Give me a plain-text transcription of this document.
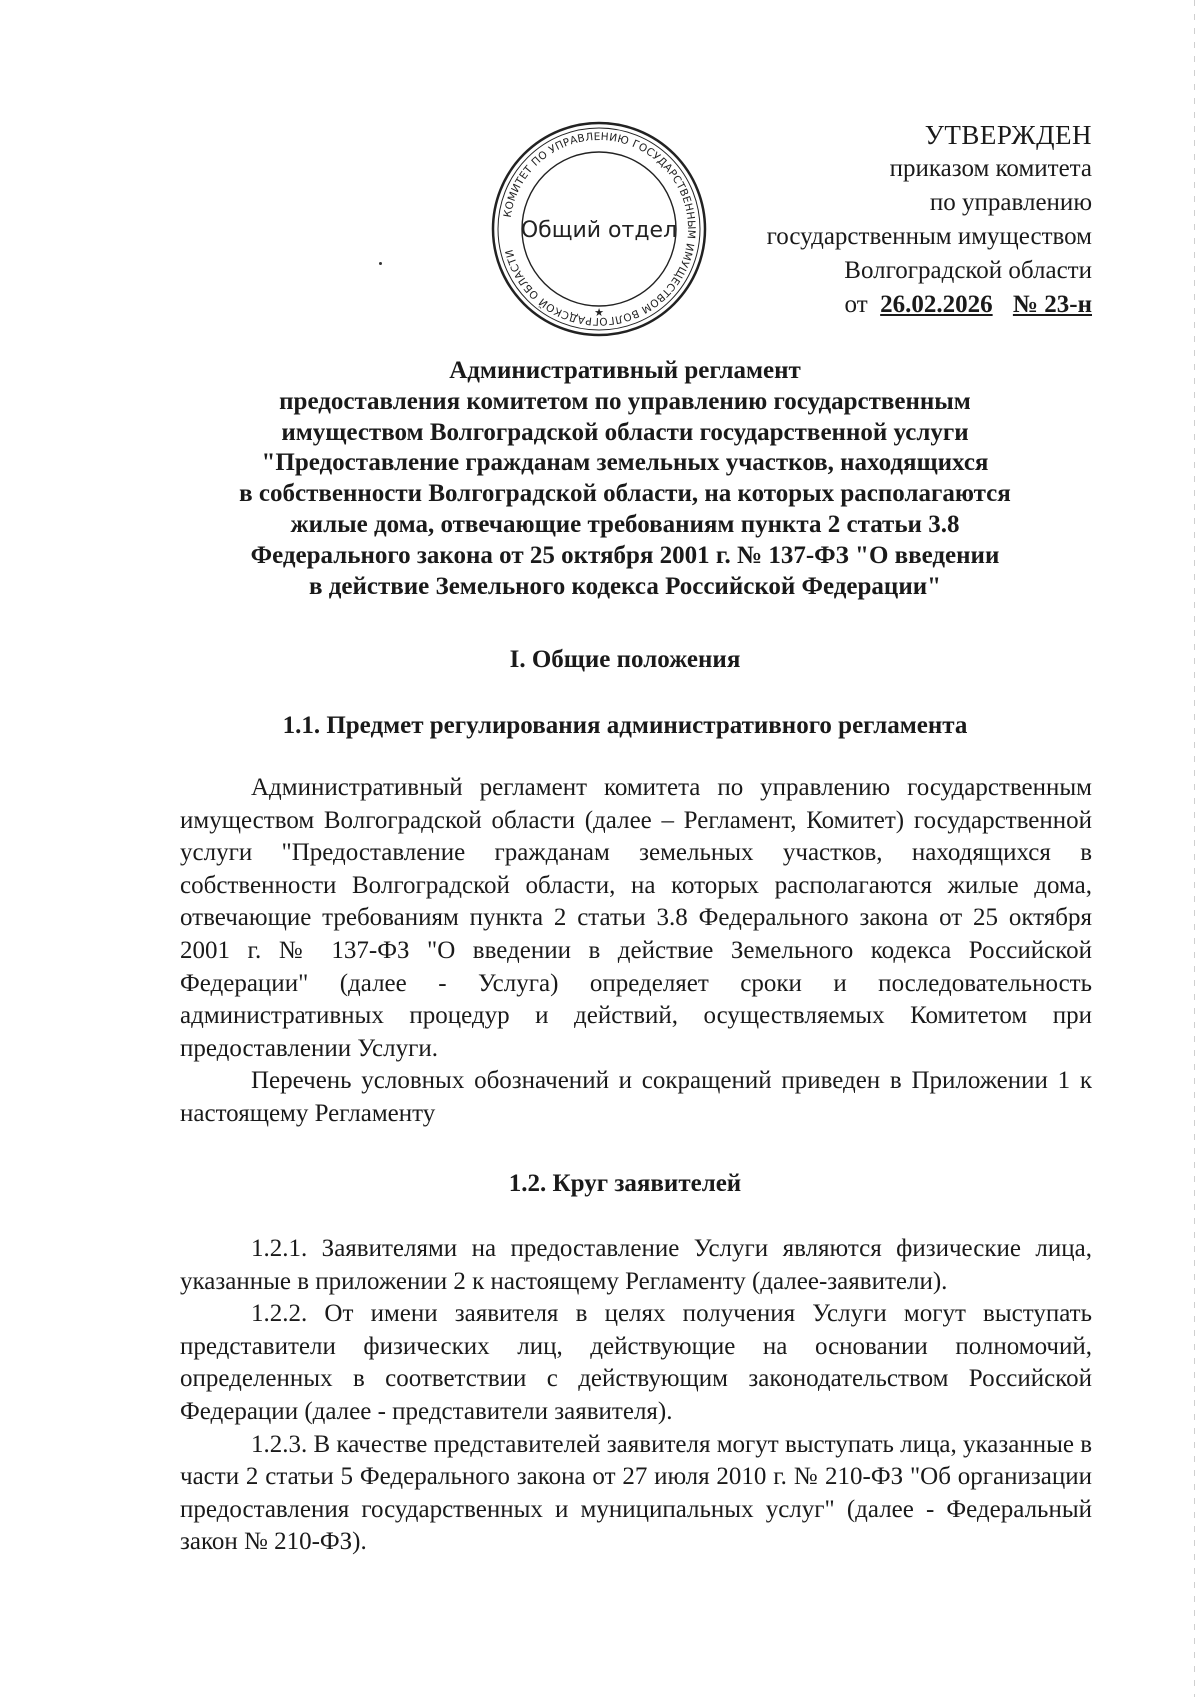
КОМИТЕТ ПО УПРАВЛЕНИЮ ГОСУДАРСТВЕННЫМ ИМУЩЕСТВОМ ВОЛГОГРАДСКОЙ ОБЛАСТИ
Общий отдел
★
УТВЕРЖДЕН
приказом комитета
по управлению
государственным имуществом
Волгоградской области
от 26.02.2026 № 23-н
Административный регламент
предоставления комитетом по управлению государственным
имуществом Волгоградской области государственной услуги
"Предоставление гражданам земельных участков, находящихся
в собственности Волгоградской области, на которых располагаются
жилые дома, отвечающие требованиям пункта 2 статьи 3.8
Федерального закона от 25 октября 2001 г. № 137-ФЗ "О введении
в действие Земельного кодекса Российской Федерации"
I. Общие положения
1.1. Предмет регулирования административного регламента

Административный регламент комитета по управлению государственным имуществом Волгоградской области (далее – Регламент, Комитет) государственной услуги "Предоставление гражданам земельных участков, находящихся в собственности Волгоградской области, на которых располагаются жилые дома, отвечающие требованиям пункта 2 статьи 3.8 Федерального закона от 25 октября 2001 г. № 137-ФЗ "О введении в действие Земельного кодекса Российской Федерации" (далее - Услуга) определяет сроки и последовательность административных процедур и действий, осуществляемых Комитетом при предоставлении Услуги.

Перечень условных обозначений и сокращений приведен в Приложении 1 к настоящему Регламенту

1.2. Круг заявителей

1.2.1. Заявителями на предоставление Услуги являются физические лица, указанные в приложении 2 к настоящему Регламенту (далее-заявители).

1.2.2. От имени заявителя в целях получения Услуги могут выступать представители физических лиц, действующие на основании полномочий, определенных в соответствии с действующим законодательством Российской Федерации (далее - представители заявителя).

1.2.3. В качестве представителей заявителя могут выступать лица, указанные в части 2 статьи 5 Федерального закона от 27 июля 2010 г. № 210-ФЗ "Об организации предоставления государственных и муниципальных услуг" (далее - Федеральный закон № 210-ФЗ).
